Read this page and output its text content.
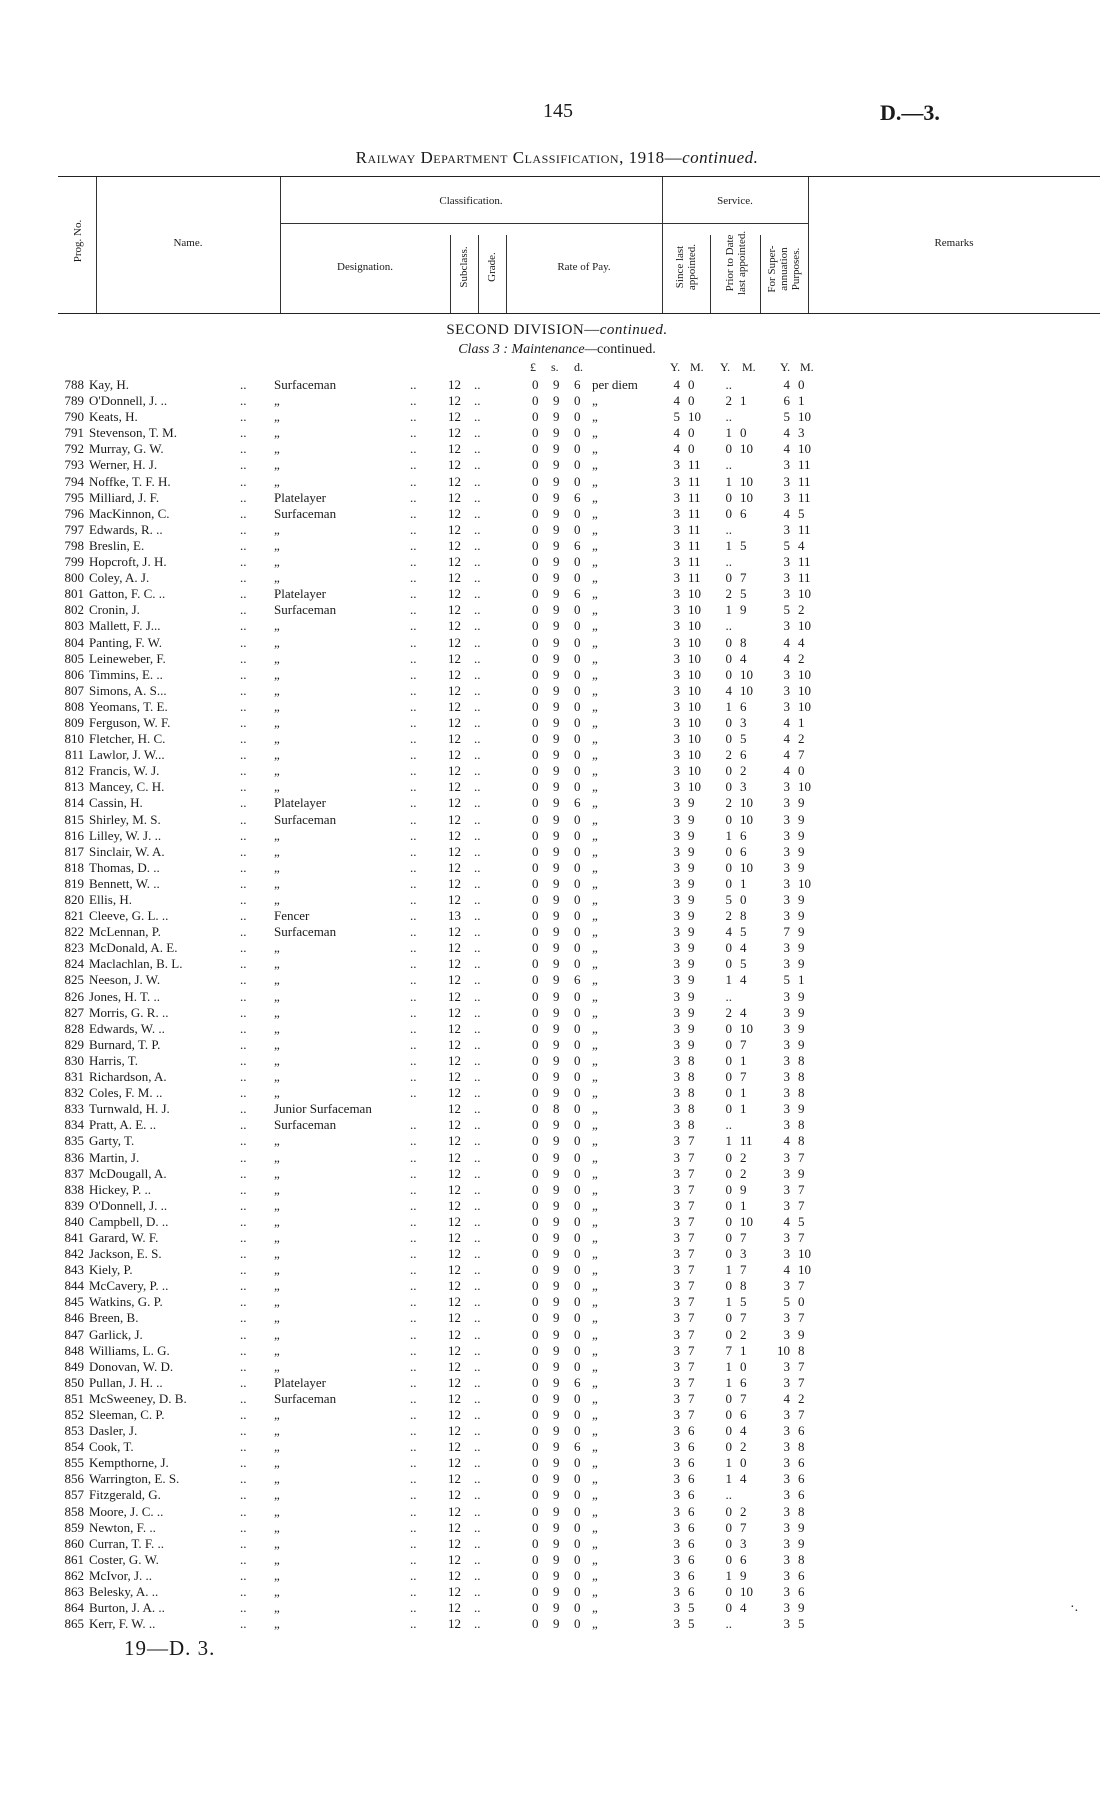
145	D.—3.
Railway Department Classification, 1918—continued.
Prog. No.	Name.
Classification.
Designation.	Subclass. Grade.	Rate of Pay.
Service.
Since last appointed. Prior to Date last appointed. For Super-annuation Purposes.
Remarks
SECOND DIVISION—continued.
Class 3 : Maintenance—continued.
£ s. d.	Y. M. Y. M. Y. M.
788 Kay, H.	.. Surfaceman	.. 12 ..	0 9 6 per diem	4 0	..	4 0
789 O'Donnell, J. ..	.. „	.. 12 ..	0 9 0 „	4 0	2 1	6 1
790 Keats, H.	.. „	.. 12 ..	0 9 0 „	5 10	..	5 10
791 Stevenson, T. M.	.. „	.. 12 ..	0 9 0 „	4 0	1 0	4 3
792 Murray, G. W.	.. „	.. 12 ..	0 9 0 „	4 0	0 10	4 10
793 Werner, H. J.	.. „	.. 12 ..	0 9 0 „	3 11	..	3 11
794 Noffke, T. F. H.	.. „	.. 12 ..	0 9 0 „	3 11	1 10	3 11
795 Milliard, J. F.	.. Platelayer	.. 12 ..	0 9 6 „	3 11	0 10	3 11
796 MacKinnon, C.	.. Surfaceman	.. 12 ..	0 9 0 „	3 11	0 6	4 5
797 Edwards, R. ..	.. „	.. 12 ..	0 9 0 „	3 11	..	3 11
798 Breslin, E.	.. „	.. 12 ..	0 9 6 „	3 11	1 5	5 4
799 Hopcroft, J. H.	.. „	.. 12 ..	0 9 0 „	3 11	..	3 11
800 Coley, A. J.	.. „	.. 12 ..	0 9 0 „	3 11	0 7	3 11
801 Gatton, F. C. ..	.. Platelayer	.. 12 ..	0 9 6 „	3 10	2 5	3 10
802 Cronin, J.	.. Surfaceman	.. 12 ..	0 9 0 „	3 10	1 9	5 2
803 Mallett, F. J...	.. „	.. 12 ..	0 9 0 „	3 10	..	3 10
804 Panting, F. W.	.. „	.. 12 ..	0 9 0 „	3 10	0 8	4 4
805 Leineweber, F.	.. „	.. 12 ..	0 9 0 „	3 10	0 4	4 2
806 Timmins, E. ..	.. „	.. 12 ..	0 9 0 „	3 10	0 10	3 10
807 Simons, A. S...	.. „	.. 12 ..	0 9 0 „	3 10	4 10	3 10
808 Yeomans, T. E.	.. „	.. 12 ..	0 9 0 „	3 10	1 6	3 10
809 Ferguson, W. F.	.. „	.. 12 ..	0 9 0 „	3 10	0 3	4 1
810 Fletcher, H. C.	.. „	.. 12 ..	0 9 0 „	3 10	0 5	4 2
811 Lawlor, J. W...	.. „	.. 12 ..	0 9 0 „	3 10	2 6	4 7
812 Francis, W. J.	.. „	.. 12 ..	0 9 0 „	3 10	0 2	4 0
813 Mancey, C. H.	.. „	.. 12 ..	0 9 0 „	3 10	0 3	3 10
814 Cassin, H.	.. Platelayer	.. 12 ..	0 9 6 „	3 9	2 10	3 9
815 Shirley, M. S.	.. Surfaceman	.. 12 ..	0 9 0 „	3 9	0 10	3 9
816 Lilley, W. J. ..	.. „	.. 12 ..	0 9 0 „	3 9	1 6	3 9
817 Sinclair, W. A.	.. „	.. 12 ..	0 9 0 „	3 9	0 6	3 9
818 Thomas, D. ..	.. „	.. 12 ..	0 9 0 „	3 9	0 10	3 9
819 Bennett, W. ..	.. „	.. 12 ..	0 9 0 „	3 9	0 1	3 10
820 Ellis, H.	.. „	.. 12 ..	0 9 0 „	3 9	5 0	3 9
821 Cleeve, G. L. ..	.. Fencer	.. 13 ..	0 9 0 „	3 9	2 8	3 9
822 McLennan, P.	.. Surfaceman	.. 12 ..	0 9 0 „	3 9	4 5	7 9
823 McDonald, A. E.	.. „	.. 12 ..	0 9 0 „	3 9	0 4	3 9
824 Maclachlan, B. L.	.. „	.. 12 ..	0 9 0 „	3 9	0 5	3 9
825 Neeson, J. W.	.. „	.. 12 ..	0 9 6 „	3 9	1 4	5 1
826 Jones, H. T. ..	.. „	.. 12 ..	0 9 0 „	3 9	..	3 9
827 Morris, G. R. ..	.. „	.. 12 ..	0 9 0 „	3 9	2 4	3 9
828 Edwards, W. ..	.. „	.. 12 ..	0 9 0 „	3 9	0 10	3 9
829 Burnard, T. P.	.. „	.. 12 ..	0 9 0 „	3 9	0 7	3 9
830 Harris, T.	.. „	.. 12 ..	0 9 0 „	3 8	0 1	3 8
831 Richardson, A.	.. „	.. 12 ..	0 9 0 „	3 8	0 7	3 8
832 Coles, F. M. ..	.. „	.. 12 ..	0 9 0 „	3 8	0 1	3 8
833 Turnwald, H. J.	.. Junior Surfaceman	12 ..	0 8 0 „	3 8	0 1	3 9
834 Pratt, A. E. ..	.. Surfaceman	.. 12 ..	0 9 0 „	3 8	..	3 8
835 Garty, T.	.. „	.. 12 ..	0 9 0 „	3 7	1 11	4 8
836 Martin, J.	.. „	.. 12 ..	0 9 0 „	3 7	0 2	3 7
837 McDougall, A.	.. „	.. 12 ..	0 9 0 „	3 7	0 2	3 9
838 Hickey, P. ..	.. „	.. 12 ..	0 9 0 „	3 7	0 9	3 7
839 O'Donnell, J. ..	.. „	.. 12 ..	0 9 0 „	3 7	0 1	3 7
840 Campbell, D. ..	.. „	.. 12 ..	0 9 0 „	3 7	0 10	4 5
841 Garard, W. F.	.. „	.. 12 ..	0 9 0 „	3 7	0 7	3 7
842 Jackson, E. S.	.. „	.. 12 ..	0 9 0 „	3 7	0 3	3 10
843 Kiely, P.	.. „	.. 12 ..	0 9 0 „	3 7	1 7	4 10
844 McCavery, P. ..	.. „	.. 12 ..	0 9 0 „	3 7	0 8	3 7
845 Watkins, G. P.	.. „	.. 12 ..	0 9 0 „	3 7	1 5	5 0
846 Breen, B.	.. „	.. 12 ..	0 9 0 „	3 7	0 7	3 7
847 Garlick, J.	.. „	.. 12 ..	0 9 0 „	3 7	0 2	3 9
848 Williams, L. G.	.. „	.. 12 ..	0 9 0 „	3 7	7 1	10 8
849 Donovan, W. D.	.. „	.. 12 ..	0 9 0 „	3 7	1 0	3 7
850 Pullan, J. H. ..	.. Platelayer	.. 12 ..	0 9 6 „	3 7	1 6	3 7
851 McSweeney, D. B.	.. Surfaceman	.. 12 ..	0 9 0 „	3 7	0 7	4 2
852 Sleeman, C. P.	.. „	.. 12 ..	0 9 0 „	3 7	0 6	3 7
853 Dasler, J.	.. „	.. 12 ..	0 9 0 „	3 6	0 4	3 6
854 Cook, T.	.. „	.. 12 ..	0 9 6 „	3 6	0 2	3 8
855 Kempthorne, J.	.. „	.. 12 ..	0 9 0 „	3 6	1 0	3 6
856 Warrington, E. S.	.. „	.. 12 ..	0 9 0 „	3 6	1 4	3 6
857 Fitzgerald, G.	.. „	.. 12 ..	0 9 0 „	3 6	..	3 6
858 Moore, J. C. ..	.. „	.. 12 ..	0 9 0 „	3 6	0 2	3 8
859 Newton, F. ..	.. „	.. 12 ..	0 9 0 „	3 6	0 7	3 9
860 Curran, T. F. ..	.. „	.. 12 ..	0 9 0 „	3 6	0 3	3 9
861 Coster, G. W.	.. „	.. 12 ..	0 9 0 „	3 6	0 6	3 8
862 McIvor, J. ..	.. „	.. 12 ..	0 9 0 „	3 6	1 9	3 6
863 Belesky, A. ..	.. „	.. 12 ..	0 9 0 „	3 6	0 10	3 6
864 Burton, J. A. ..	.. „	.. 12 ..	0 9 0 „	3 5	0 4	3 9
865 Kerr, F. W. ..	.. „	.. 12 ..	0 9 0 „	3 5	..	3 5
19—D. 3.
·.
